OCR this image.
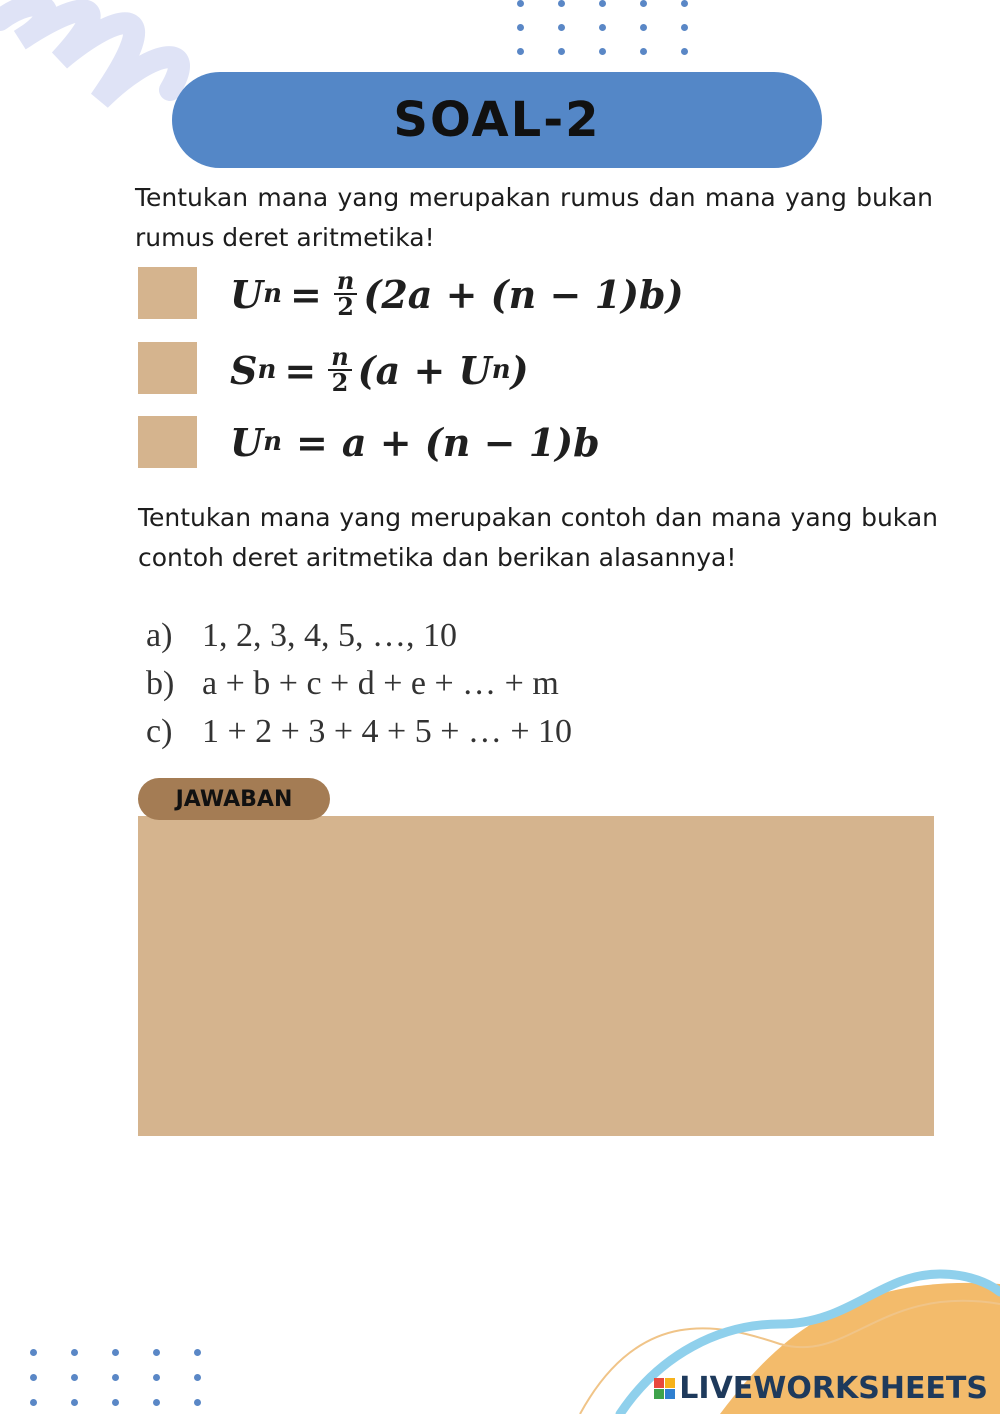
SOAL-2
Tentukan mana yang merupakan rumus dan mana yang bukan rumus deret aritmetika!
U $n = \frac{n}{2} (2a + (n - 1)b)$
S $n = \frac{n}{2} (a + U$ n )
U n = a + (n − 1)b
Tentukan mana yang merupakan contoh dan mana yang bukan contoh deret aritmetika dan berikan alasannya!
a) 1, 2, 3, 4, 5, …, 10
b) a + b + c + d + e + … + m
c) 1 + 2 + 3 + 4 + 5 + … + 10
JAWABAN
LIVEWORKSHEETS
